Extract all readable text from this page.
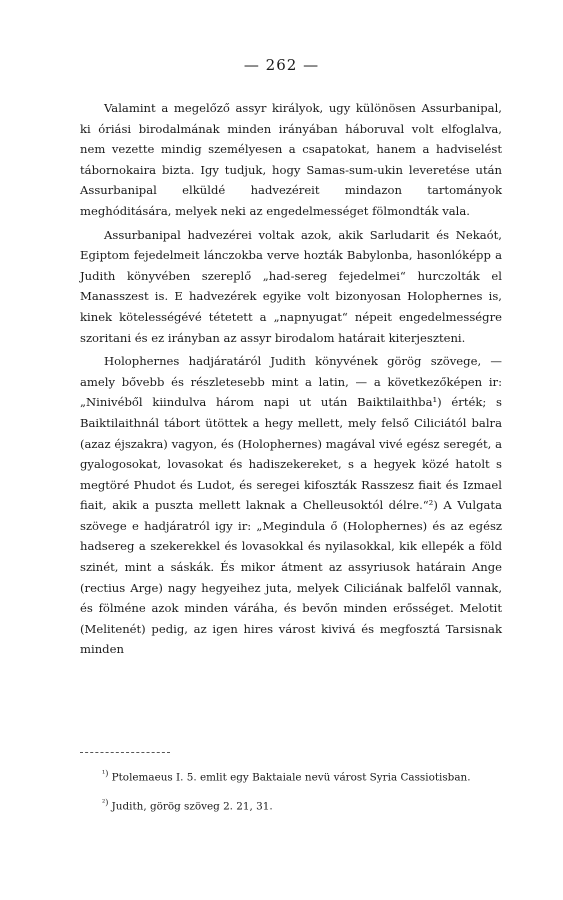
— 262 —

Valamint a megelőző assyr királyok, ugy különösen Assurbanipal, ki óriási birodalmának minden irányában háboruval volt elfoglalva, nem vezette mindig személyesen a csapatokat, hanem a hadviselést tábornokaira bizta. Igy tudjuk, hogy Samas-sum-ukin leveretése után Assurbanipal elküldé hadvezéreit mindazon tartományok meghóditására, melyek neki az engedelmességet fölmondták vala.

Assurbanipal hadvezérei voltak azok, akik Sarludarit és Nekaót, Egiptom fejedelmeit lánczokba verve hozták Babylonba, hasonlóképp a Judith könyvében szereplő „had-sereg fejedelmei“ hurczolták el Manasszest is. E hadvezérek egyike volt bizonyosan Holophernes is, kinek kötelességévé tétetett a „napnyugat“ népeit engedelmességre szoritani és ez irányban az assyr birodalom határait kiterjeszteni.

Holophernes hadjáratáról Judith könyvének görög szövege, — amely bővebb és részletesebb mint a latin, — a következőképen ir: „Ninivéből kiindulva három napi ut után Baiktilaithba¹) érték; s Baiktilaithnál tábort ütöttek a hegy mellett, mely felső Ciliciától balra (azaz éjszakra) vagyon, és (Holophernes) magával vivé egész seregét, a gyalogosokat, lovasokat és hadiszekereket, s a hegyek közé hatolt s megtöré Phudot és Ludot, és seregei kifoszták Rasszesz fiait és Izmael fiait, akik a puszta mellett laknak a Chelleusoktól délre.“²) A Vulgata szövege e hadjáratról igy ir: „Megindula ő (Holophernes) és az egész hadsereg a szekerekkel és lovasokkal és nyilasokkal, kik ellepék a föld szinét, mint a sáskák. És mikor átment az assyriusok határain Ange (rectius Arge) nagy hegyeihez juta, melyek Ciliciának balfelől vannak, és fölméne azok minden váráha, és bevőn minden erősséget. Melotit (Melitenét) pedig, az igen hires várost kivivá és megfosztá Tarsisnak minden

$^{^1)}$ Ptolemaeus I. 5. emlit egy Baktaiale nevü várost Syria Cassiotisban.

$^{^2)}$ Judith, görög szöveg 2. 21, 31.
